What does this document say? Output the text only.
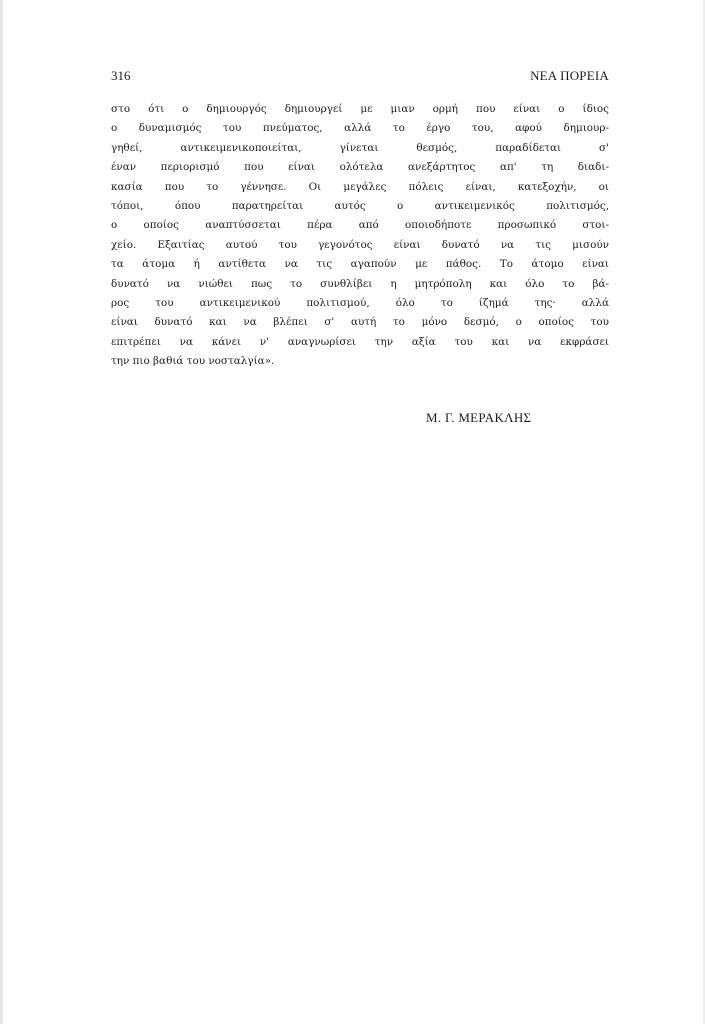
316	ΝΕΑ ΠΟΡΕΙΑ
στο ότι ο δημιουργός δημιουργεί με μιαν ορμή που είναι ο ίδιος
ο δυναμισμός του πνεύματος, αλλά το έργο του, αφού δημιουρ-
γηθεί, αντικειμενικοποιείται, γίνεται θεσμός, παραδίδεται σ'
έναν περιορισμό που είναι ολότελα ανεξάρτητος απ' τη διαδι-
κασία που το γέννησε. Οι μεγάλες πόλεις είναι, κατεξοχήν, οι
τόποι, όπου παρατηρείται αυτός ο αντικειμενικός πολιτισμός,
ο οποίος αναπτύσσεται πέρα από οποιοδήποτε προσωπικό στοι-
χείο. Εξαιτίας αυτού του γεγονότος είναι δυνατό να τις μισούν
τα άτομα ή αντίθετα να τις αγαπούν με πάθος. Το άτομο είναι
δυνατό να νιώθει πως το συνθλίβει η μητρόπολη και όλο το βά-
ρος του αντικειμενικού πολιτισμού, όλο το ίζημά της· αλλά
είναι δυνατό και να βλέπει σ' αυτή το μόνο δεσμό, ο οποίος του
επιτρέπει να κάνει ν' αναγνωρίσει την αξία του και να εκφράσει
την πιο βαθιά του νοσταλγία».
Μ. Γ. ΜΕΡΑΚΛΗΣ
